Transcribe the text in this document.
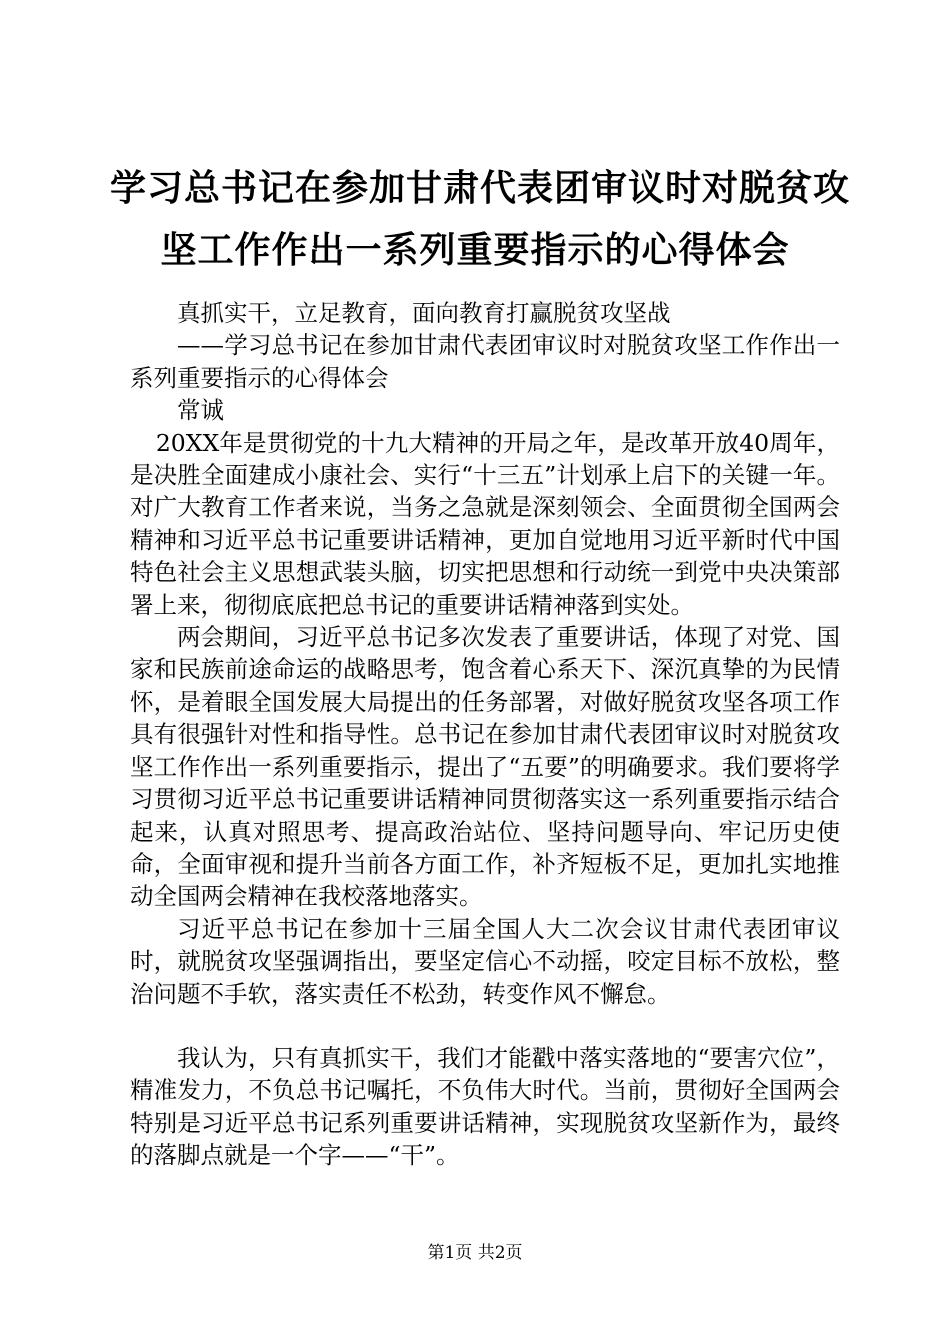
学习总书记在参加甘肃代表团审议时对脱贫攻
坚工作作出一系列重要指示的心得体会

真抓实干，立足教育，面向教育打赢脱贫攻坚战

——学习总书记在参加甘肃代表团审议时对脱贫攻坚工作作出一系列重要指示的心得体会

常诚

20XX年是贯彻党的十九大精神的开局之年，是改革开放40周年，是决胜全面建成小康社会、实行“十三五”计划承上启下的关键一年。对广大教育工作者来说，当务之急就是深刻领会、全面贯彻全国两会精神和习近平总书记重要讲话精神，更加自觉地用习近平新时代中国特色社会主义思想武装头脑，切实把思想和行动统一到党中央决策部署上来，彻彻底底把总书记的重要讲话精神落到实处。

两会期间，习近平总书记多次发表了重要讲话，体现了对党、国家和民族前途命运的战略思考，饱含着心系天下、深沉真挚的为民情怀，是着眼全国发展大局提出的任务部署，对做好脱贫攻坚各项工作具有很强针对性和指导性。总书记在参加甘肃代表团审议时对脱贫攻坚工作作出一系列重要指示，提出了“五要”的明确要求。我们要将学习贯彻习近平总书记重要讲话精神同贯彻落实这一系列重要指示结合起来，认真对照思考、提高政治站位、坚持问题导向、牢记历史使命，全面审视和提升当前各方面工作，补齐短板不足，更加扎实地推动全国两会精神在我校落地落实。

习近平总书记在参加十三届全国人大二次会议甘肃代表团审议时，就脱贫攻坚强调指出，要坚定信心不动摇，咬定目标不放松，整治问题不手软，落实责任不松劲，转变作风不懈怠。

我认为，只有真抓实干，我们才能戳中落实落地的“要害穴位”，精准发力，不负总书记嘱托，不负伟大时代。当前，贯彻好全国两会特别是习近平总书记系列重要讲话精神，实现脱贫攻坚新作为，最终的落脚点就是一个字——“干”。

第1页 共2页
